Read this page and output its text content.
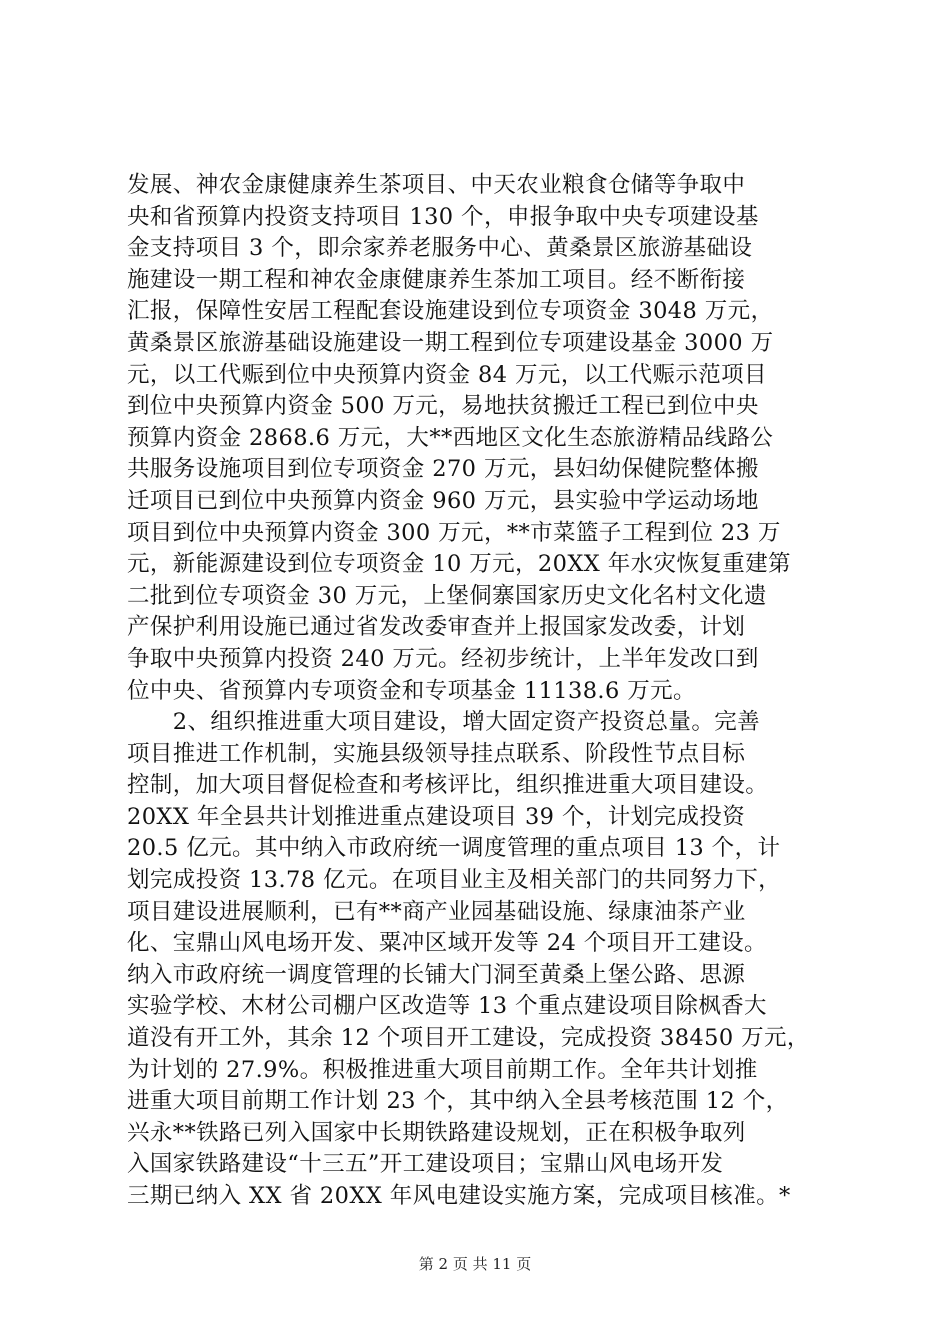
发展、神农金康健康养生茶项目、中天农业粮食仓储等争取中
央和省预算内投资支持项目 130 个，申报争取中央专项建设基
金支持项目 3 个，即佘家养老服务中心、黄桑景区旅游基础设
施建设一期工程和神农金康健康养生茶加工项目。经不断衔接
汇报，保障性安居工程配套设施建设到位专项资金 3048 万元，
黄桑景区旅游基础设施建设一期工程到位专项建设基金 3000 万
元，以工代赈到位中央预算内资金 84 万元，以工代赈示范项目
到位中央预算内资金 500 万元，易地扶贫搬迁工程已到位中央
预算内资金 2868.6 万元，大**西地区文化生态旅游精品线路公
共服务设施项目到位专项资金 270 万元，县妇幼保健院整体搬
迁项目已到位中央预算内资金 960 万元，县实验中学运动场地
项目到位中央预算内资金 300 万元，**市菜篮子工程到位 23 万
元，新能源建设到位专项资金 10 万元，20XX 年水灾恢复重建第
二批到位专项资金 30 万元，上堡侗寨国家历史文化名村文化遗
产保护利用设施已通过省发改委审查并上报国家发改委，计划
争取中央预算内投资 240 万元。经初步统计，上半年发改口到
位中央、省预算内专项资金和专项基金 11138.6 万元。
　　2、组织推进重大项目建设，增大固定资产投资总量。完善
项目推进工作机制，实施县级领导挂点联系、阶段性节点目标
控制，加大项目督促检查和考核评比，组织推进重大项目建设。
20XX 年全县共计划推进重点建设项目 39 个，计划完成投资
20.5 亿元。其中纳入市政府统一调度管理的重点项目 13 个，计
划完成投资 13.78 亿元。在项目业主及相关部门的共同努力下，
项目建设进展顺利，已有**商产业园基础设施、绿康油茶产业
化、宝鼎山风电场开发、粟冲区域开发等 24 个项目开工建设。
纳入市政府统一调度管理的长铺大门洞至黄桑上堡公路、思源
实验学校、木材公司棚户区改造等 13 个重点建设项目除枫香大
道没有开工外，其余 12 个项目开工建设，完成投资 38450 万元，
为计划的 27.9%。积极推进重大项目前期工作。全年共计划推
进重大项目前期工作计划 23 个，其中纳入全县考核范围 12 个，
兴永**铁路已列入国家中长期铁路建设规划，正在积极争取列
入国家铁路建设“十三五”开工建设项目；宝鼎山风电场开发
三期已纳入 XX 省 20XX 年风电建设实施方案，完成项目核准。*
第 2 页 共 11 页
